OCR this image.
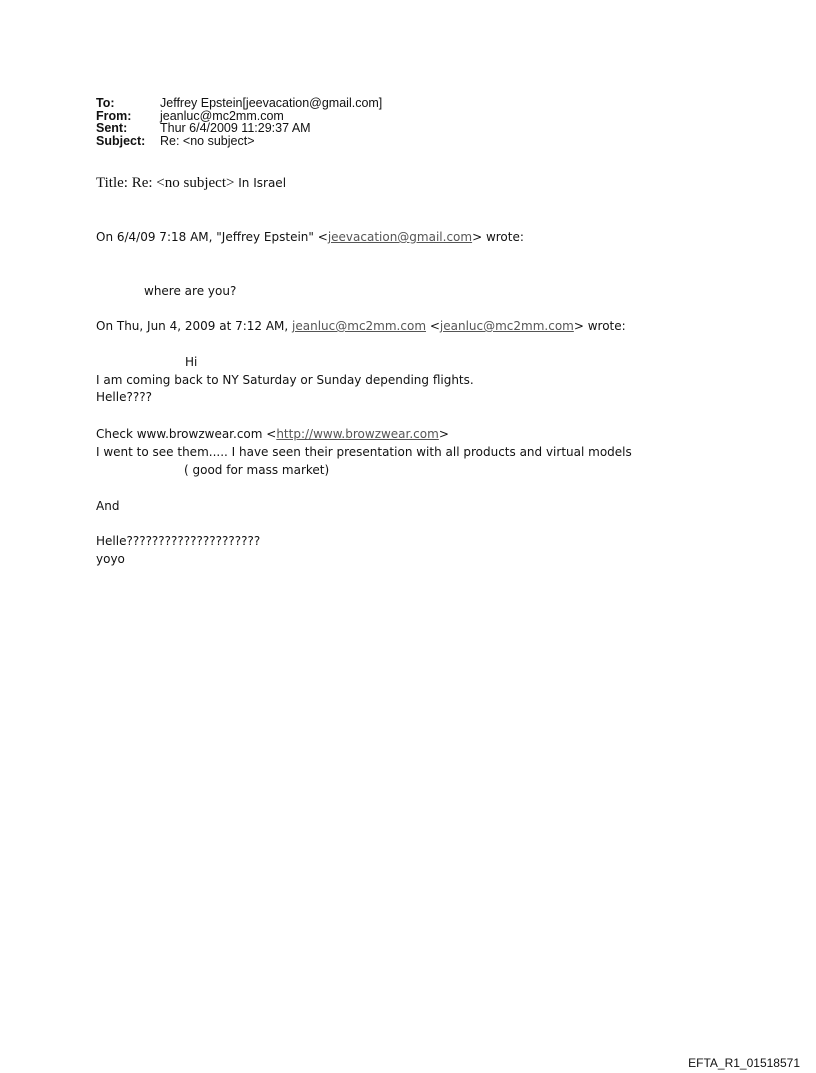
To:	Jeffrey Epstein[jeevacation@gmail.com]
From:	jeanluc@mc2mm.com
Sent:	Thur 6/4/2009 11:29:37 AM
Subject:	Re: <no subject>
Title: Re: <no subject> In Israel
On 6/4/09 7:18 AM, "Jeffrey Epstein" <jeevacation@gmail.com> wrote:
where are you?
On Thu, Jun 4, 2009 at 7:12 AM, jeanluc@mc2mm.com <jeanluc@mc2mm.com> wrote:
Hi
I am coming back to NY Saturday or Sunday depending flights.
Helle????
Check www.browzwear.com <http://www.browzwear.com>
I went to see them..... I have seen their presentation with all products and virtual models
( good for mass market)
And
Helle?????????????????????
yoyo
EFTA_R1_01518571
